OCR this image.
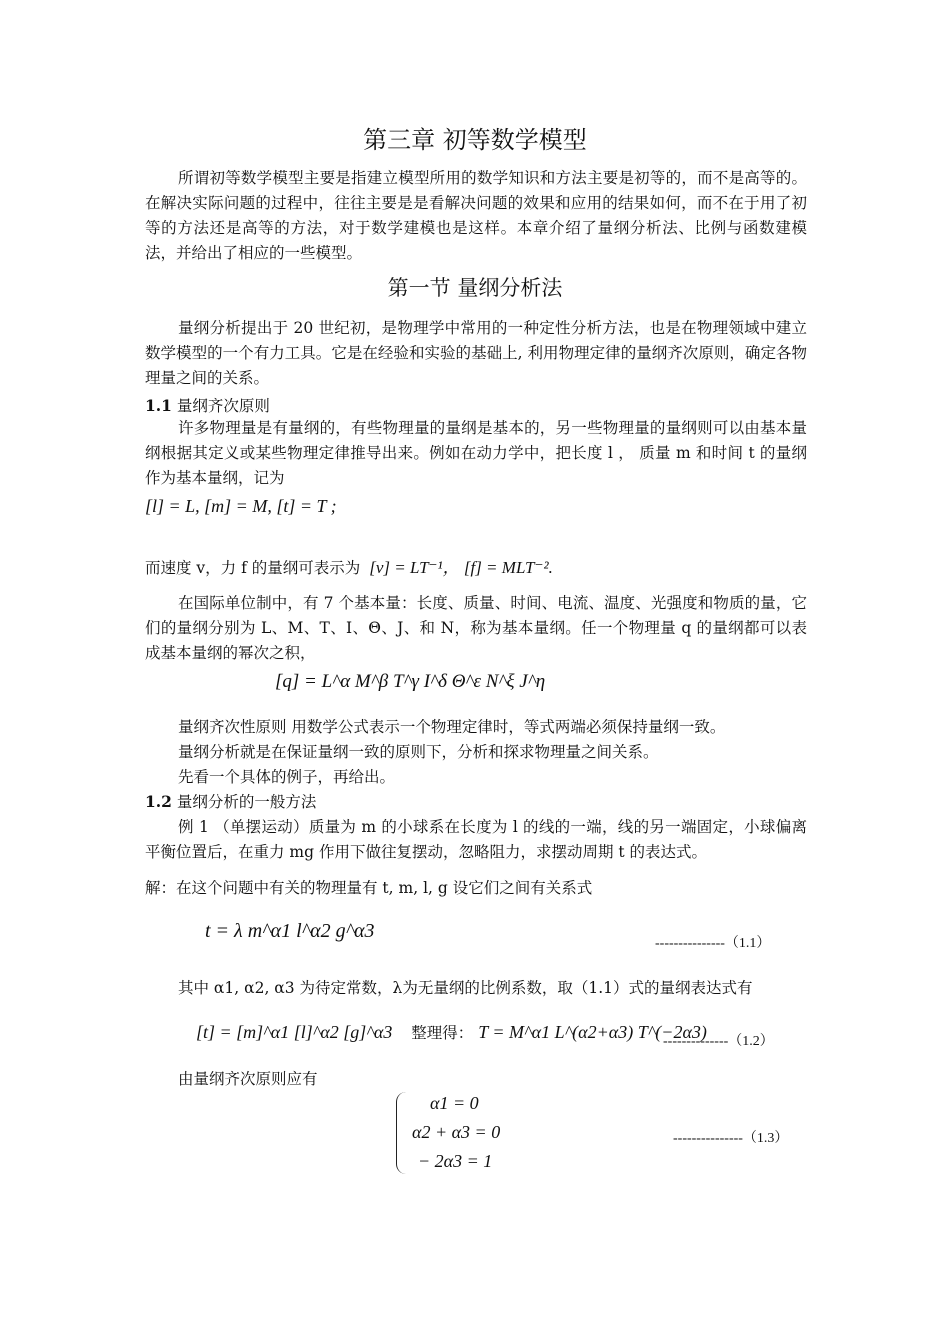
第三章 初等数学模型
所谓初等数学模型主要是指建立模型所用的数学知识和方法主要是初等的，而不是高等的。在解决实际问题的过程中，往往主要是是看解决问题的效果和应用的结果如何，而不在于用了初等的方法还是高等的方法，对于数学建模也是这样。本章介绍了量纲分析法、比例与函数建模法，并给出了相应的一些模型。
第一节 量纲分析法
量纲分析提出于 20 世纪初，是物理学中常用的一种定性分析方法，也是在物理领域中建立数学模型的一个有力工具。它是在经验和实验的基础上, 利用物理定律的量纲齐次原则，确定各物理量之间的关系。
1.1 量纲齐次原则
许多物理量是有量纲的，有些物理量的量纲是基本的，另一些物理量的量纲则可以由基本量纲根据其定义或某些物理定律推导出来。例如在动力学中，把长度 l ， 质量 m 和时间 t 的量纲作为基本量纲，记为
[l] = L, [m] = M, [t] = T ;
而速度 v，力 f 的量纲可表示为 [v] = LT⁻¹， [f] = MLT⁻².
在国际单位制中，有 7 个基本量：长度、质量、时间、电流、温度、光强度和物质的量，它们的量纲分别为 L、M、T、I、Θ、J、和 N，称为基本量纲。任一个物理量 q 的量纲都可以表成基本量纲的幂次之积，
[q] = L^α M^β T^γ I^δ Θ^ε N^ξ J^η
量纲齐次性原则 用数学公式表示一个物理定律时，等式两端必须保持量纲一致。
量纲分析就是在保证量纲一致的原则下，分析和探求物理量之间关系。
先看一个具体的例子，再给出。
1.2 量纲分析的一般方法
例 1 （单摆运动）质量为 m 的小球系在长度为 l 的线的一端，线的另一端固定，小球偏离平衡位置后，在重力 mg 作用下做往复摆动，忽略阻力，求摆动周期 t 的表达式。
解：在这个问题中有关的物理量有 t, m, l, g 设它们之间有关系式
t = λ m^α1 l^α2 g^α3
---------------（1.1）
其中 α1, α2, α3 为待定常数，λ为无量纲的比例系数，取（1.1）式的量纲表达式有
[t] = [m]^α1 [l]^α2 [g]^α3 整理得： T = M^α1 L^(α2+α3) T^(−2α3)
--------------（1.2）
由量纲齐次原则应有
α1 = 0
α2 + α3 = 0
− 2α3 = 1
---------------（1.3）
